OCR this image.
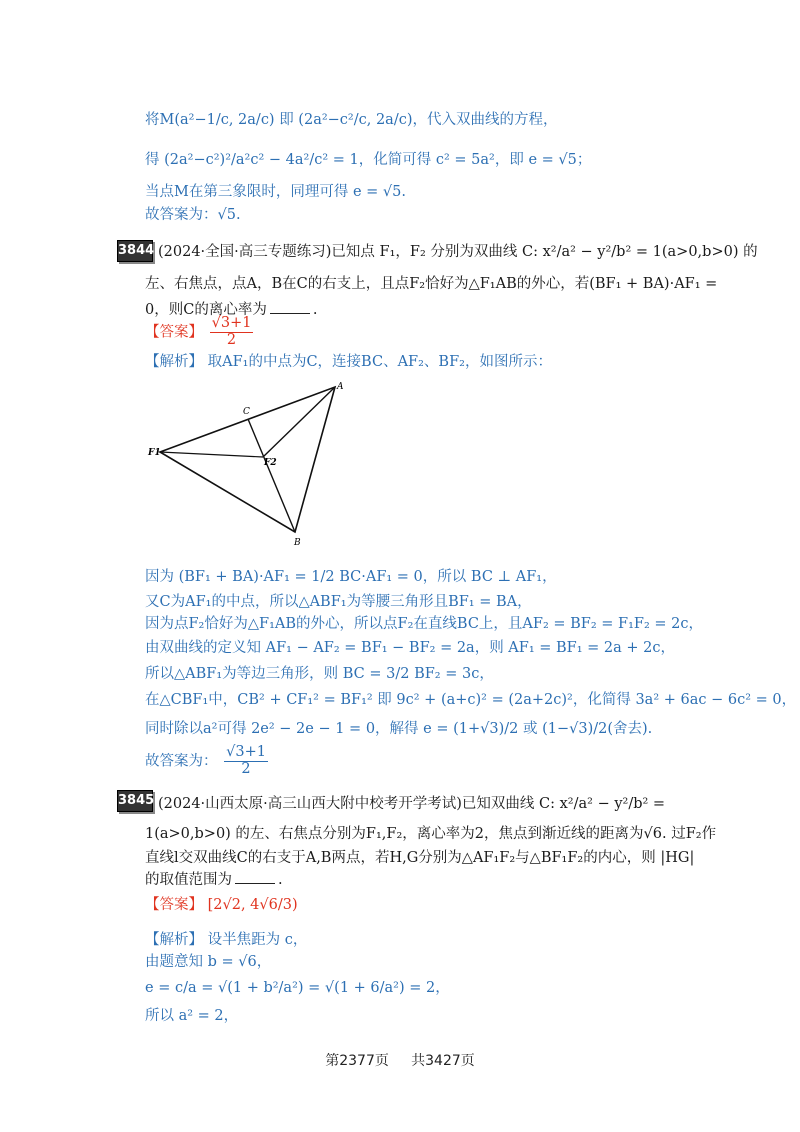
将M(a²−1/c, 2a/c) 即 (2a²−c²/c, 2a/c)，代入双曲线的方程，
得 (2a²−c²)²/a²c² − 4a²/c² = 1，化简可得 c² = 5a²，即 e = √5；
当点M在第三象限时，同理可得 e = √5.
故答案为：√5.
3844 (2024·全国·高三专题练习)已知点 F₁，F₂ 分别为双曲线 C: x²/a² − y²/b² = 1(a>0,b>0) 的
左、右焦点，点A，B在C的右支上，且点F₂恰好为△F₁AB的外心，若(BF₁ + BA)·AF₁ =
0，则C的离心率为	.
【答案】 $\frac{√3+1}{2}$
【解析】 取AF₁的中点为C，连接BC、AF₂、BF₂，如图所示：
A
B
C
F1
F2
因为 (BF₁ + BA)·AF₁ = 1/2 BC·AF₁ = 0，所以 BC ⊥ AF₁，
又C为AF₁的中点，所以△ABF₁为等腰三角形且BF₁ = BA，
因为点F₂恰好为△F₁AB的外心，所以点F₂在直线BC上，且AF₂ = BF₂ = F₁F₂ = 2c，
由双曲线的定义知 AF₁ − AF₂ = BF₁ − BF₂ = 2a，则 AF₁ = BF₁ = 2a + 2c，
所以△ABF₁为等边三角形，则 BC = 3/2 BF₂ = 3c，
在△CBF₁中，CB² + CF₁² = BF₁² 即 9c² + (a+c)² = (2a+2c)²，化简得 3a² + 6ac − 6c² = 0，
同时除以a²可得 2e² − 2e − 1 = 0，解得 e = (1+√3)/2 或 (1−√3)/2(舍去).
故答案为： $\frac{√3+1}{2}$
3845 (2024·山西太原·高三山西大附中校考开学考试)已知双曲线 C: x²/a² − y²/b² =
1(a>0,b>0) 的左、右焦点分别为F₁,F₂，离心率为2，焦点到渐近线的距离为√6. 过F₂作
直线l交双曲线C的右支于A,B两点，若H,G分别为△AF₁F₂与△BF₁F₂的内心，则 |HG|
的取值范围为	.
【答案】 [2√2, 4√6/3)
【解析】 设半焦距为 c，
由题意知 b = √6，
e = c/a = √(1 + b²/a²) = √(1 + 6/a²) = 2，
所以 a² = 2，
第2377页 共3427页
